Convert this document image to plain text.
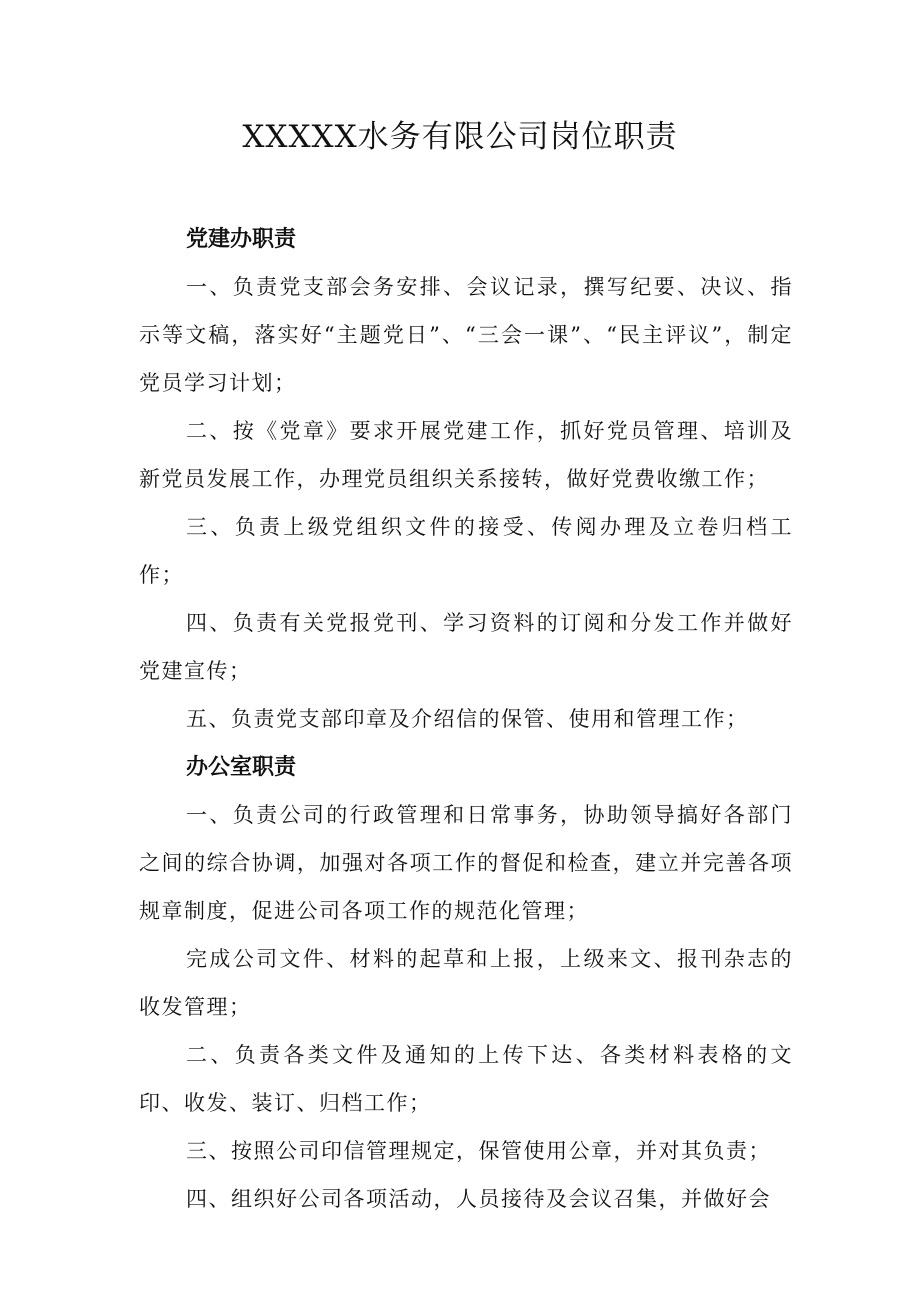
XXXXX水务有限公司岗位职责

党建办职责

一、负责党支部会务安排、会议记录，撰写纪要、决议、指示等文稿，落实好“主题党日”、“三会一课”、“民主评议”，制定党员学习计划；

二、按《党章》要求开展党建工作，抓好党员管理、培训及新党员发展工作，办理党员组织关系接转，做好党费收缴工作；

三、负责上级党组织文件的接受、传阅办理及立卷归档工作；

四、负责有关党报党刊、学习资料的订阅和分发工作并做好党建宣传；

五、负责党支部印章及介绍信的保管、使用和管理工作；

办公室职责

一、负责公司的行政管理和日常事务，协助领导搞好各部门之间的综合协调，加强对各项工作的督促和检查，建立并完善各项规章制度，促进公司各项工作的规范化管理；

完成公司文件、材料的起草和上报，上级来文、报刊杂志的收发管理；

二、负责各类文件及通知的上传下达、各类材料表格的文印、收发、装订、归档工作；

三、按照公司印信管理规定，保管使用公章，并对其负责；

四、组织好公司各项活动，人员接待及会议召集，并做好会
